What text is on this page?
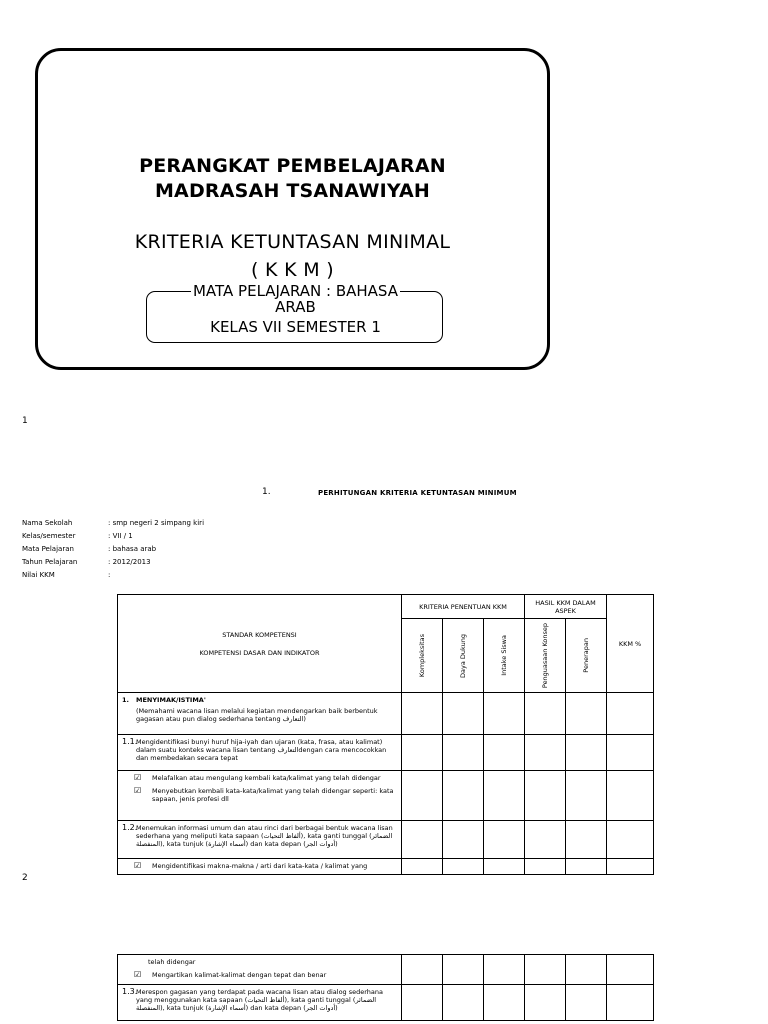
PERANGKAT PEMBELAJARAN
MADRASAH TSANAWIYAH
KRITERIA KETUNTASAN MINIMAL
( K K M )
MATA PELAJARAN : BAHASA
ARAB
KELAS VII SEMESTER 1
1
1.	PERHITUNGAN KRITERIA KETUNTASAN MINIMUM
Nama Sekolah	: smp negeri 2 simpang kiri
Kelas/semester	: VII / 1
Mata Pelajaran	: bahasa arab
Tahun Pelajaran	: 2012/2013
Nilai KKM	:
STANDAR KOMPETENSI
KOMPETENSI DASAR DAN INDIKATOR	KRITERIA PENENTUAN KKM			HASIL KKM DALAM ASPEK		KKM %

	Kompleksitas	Daya Dukung	Intake Siswa	Penguasaan Konsep	Penerapan	

1. MENYIMAK/ISTIMA'
(Memahami wacana lisan melalui kegiatan mendengarkan baik berbentuk gagasan atau pun dialog sederhana tentang التعارف)						

1.1.
Mengidentifikasi bunyi huruf hija-iyah dan ujaran (kata, frasa, atau kalimat) dalam suatu konteks wacana lisan tentang التعارفdengan cara mencocokkan dan membedakan secara tepat						

☑ Melafalkan atau mengulang kembali kata/kalimat yang telah didengar
☑ Menyebutkan kembali kata-kata/kalimat yang telah didengar seperti: kata sapaan, jenis profesi dll						

1.2.
Menemukan informasi umum dan atau rinci dari berbagai bentuk wacana lisan sederhana yang meliputi kata sapaan (ألفاظ التحيات), kata ganti tunggal (الضمائر المنفصلة), kata tunjuk (أسماء الإشارة) dan kata depan (أدوات الجر)						

☑ Mengidentifikasi makna-makna / arti dari kata-kata / kalimat yang						
2
telah didengar
☑ Mengartikan kalimat-kalimat dengan tepat dan benar						

1.3.
Merespon gagasan yang terdapat pada wacana lisan atau dialog sederhana yang menggunakan kata sapaan (ألفاظ التحيات), kata ganti tunggal (الضمائر المنفصلة), kata tunjuk (أسماء الإشارة) dan kata depan (أدوات الجر)						
